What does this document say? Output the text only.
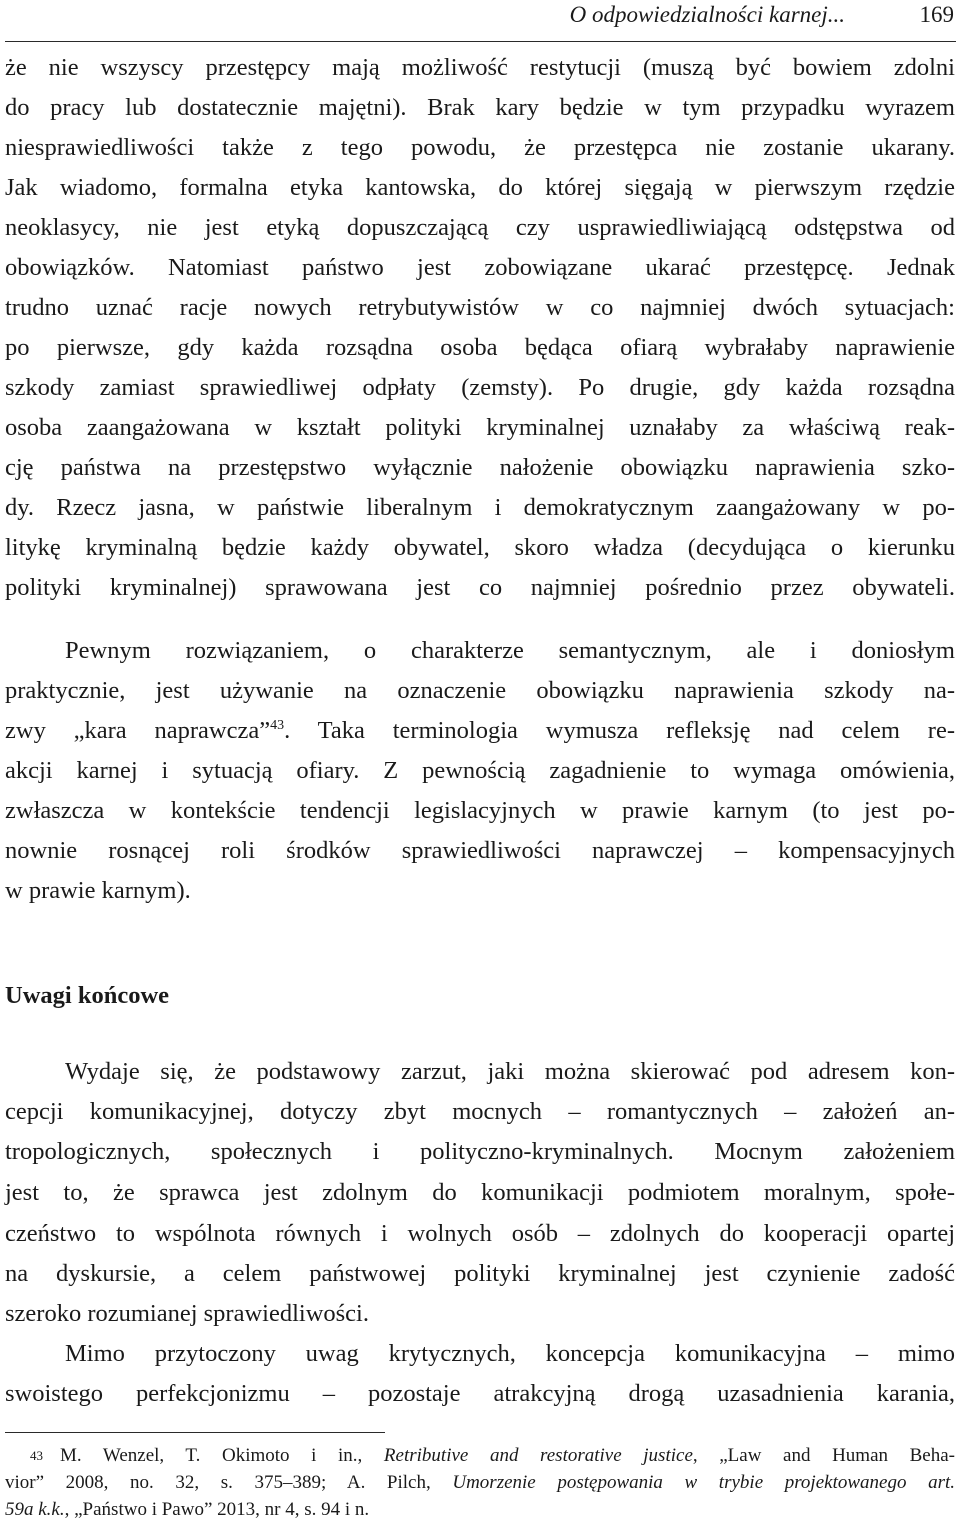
O odpowiedzialności karnej...	169
że nie wszyscy przestępcy mają możliwość restytucji (muszą być bowiem zdolni
do pracy lub dostatecznie majętni). Brak kary będzie w tym przypadku wyrazem
niesprawiedliwości także z tego powodu, że przestępca nie zostanie ukarany.
Jak wiadomo, formalna etyka kantowska, do której sięgają w pierwszym rzędzie
neoklasycy, nie jest etyką dopuszczającą czy usprawiedliwiającą odstępstwa od
obowiązków. Natomiast państwo jest zobowiązane ukarać przestępcę. Jednak
trudno uznać racje nowych retrybutywistów w co najmniej dwóch sytuacjach:
po pierwsze, gdy każda rozsądna osoba będąca ofiarą wybrałaby naprawienie
szkody zamiast sprawiedliwej odpłaty (zemsty). Po drugie, gdy każda rozsądna
osoba zaangażowana w kształt polityki kryminalnej uznałaby za właściwą reak-
cję państwa na przestępstwo wyłącznie nałożenie obowiązku naprawienia szko-
dy. Rzecz jasna, w państwie liberalnym i demokratycznym zaangażowany w po-
litykę kryminalną będzie każdy obywatel, skoro władza (decydująca o kierunku
polityki kryminalnej) sprawowana jest co najmniej pośrednio przez obywateli.
Pewnym rozwiązaniem, o charakterze semantycznym, ale i doniosłym
praktycznie, jest używanie na oznaczenie obowiązku naprawienia szkody na-
zwy „kara naprawcza”$^{43}$. Taka terminologia wymusza refleksję nad celem re-
akcji karnej i sytuacją ofiary. Z pewnością zagadnienie to wymaga omówienia,
zwłaszcza w kontekście tendencji legislacyjnych w prawie karnym (to jest po-
nownie rosnącej roli środków sprawiedliwości naprawczej – kompensacyjnych
w prawie karnym).
Uwagi końcowe
Wydaje się, że podstawowy zarzut, jaki można skierować pod adresem kon-
cepcji komunikacyjnej, dotyczy zbyt mocnych – romantycznych – założeń an-
tropologicznych, społecznych i polityczno-kryminalnych. Mocnym założeniem
jest to, że sprawca jest zdolnym do komunikacji podmiotem moralnym, społe-
czeństwo to wspólnota równych i wolnych osób – zdolnych do kooperacji opartej
na dyskursie, a celem państwowej polityki kryminalnej jest czynienie zadość
szeroko rozumianej sprawiedliwości.
Mimo przytoczony uwag krytycznych, koncepcja komunikacyjna – mimo
swoistego perfekcjonizmu – pozostaje atrakcyjną drogą uzasadnienia karania,
43 M. Wenzel, T. Okimoto i in., Retributive and restorative justice, „Law and Human Beha-
vior” 2008, no. 32, s. 375–389; A. Pilch, Umorzenie postępowania w trybie projektowanego art.
59a k.k., „Państwo i Pawo” 2013, nr 4, s. 94 i n.
